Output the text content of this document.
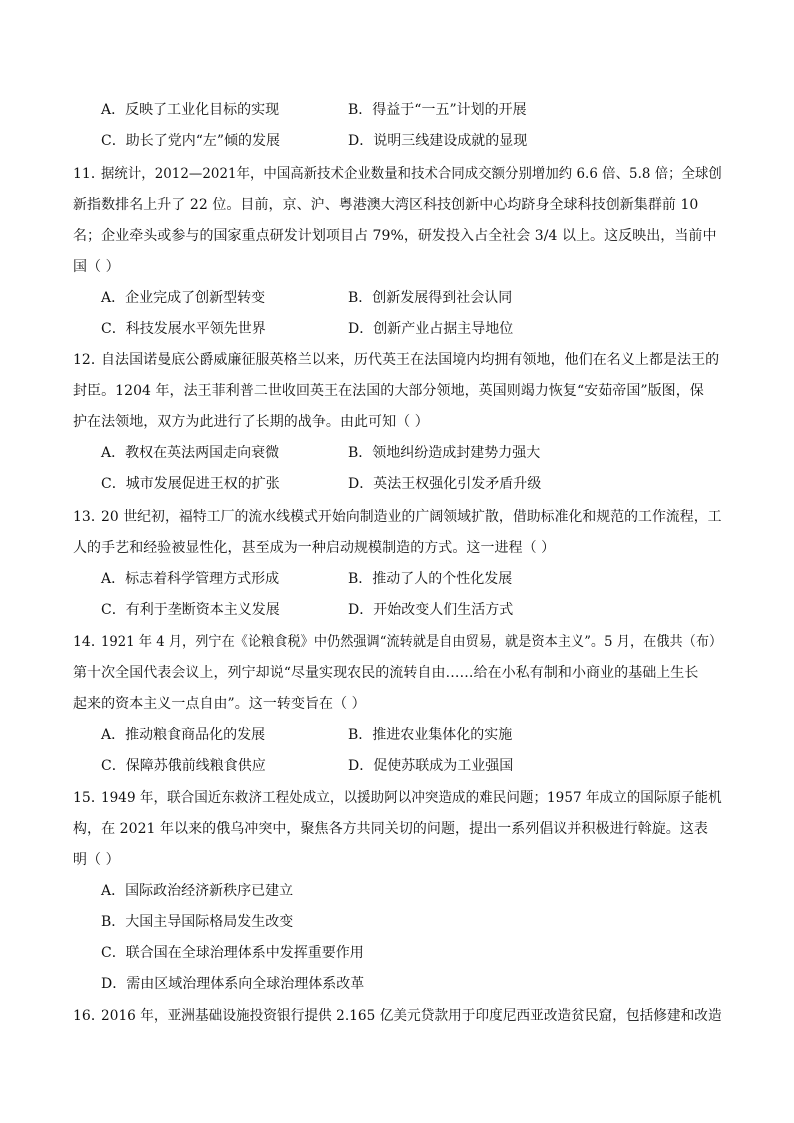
A．反映了工业化目标的实现	B．得益于“一五”计划的开展
C．助长了党内“左”倾的发展	D．说明三线建设成就的显现
11．
据统计，2012—2021年，中国高新技术企业数量和技术合同成交额分别增加约 6.6 倍、5.8 倍；全球创
新指数排名上升了 22 位。目前，京、沪、粤港澳大湾区科技创新中心均跻身全球科技创新集群前 10
名；企业牵头或参与的国家重点研发计划项目占 79%，研发投入占全社会 3/4 以上。这反映出，当前中
国（ ）
A．企业完成了创新型转变	B．创新发展得到社会认同
C．科技发展水平领先世界	D．创新产业占据主导地位
12．
自法国诺曼底公爵威廉征服英格兰以来，历代英王在法国境内均拥有领地，他们在名义上都是法王的
封臣。1204 年，法王菲利普二世收回英王在法国的大部分领地，英国则竭力恢复“安茹帝国”版图，保
护在法领地，双方为此进行了长期的战争。由此可知（ ）
A．教权在英法两国走向衰微	B．领地纠纷造成封建势力强大
C．城市发展促进王权的扩张	D．英法王权强化引发矛盾升级
13．
20 世纪初，福特工厂的流水线模式开始向制造业的广阔领域扩散，借助标准化和规范的工作流程，工
人的手艺和经验被显性化，甚至成为一种启动规模制造的方式。这一进程（ ）
A．标志着科学管理方式形成	B．推动了人的个性化发展
C．有利于垄断资本主义发展	D．开始改变人们生活方式
14．
1921 年 4 月，列宁在《论粮食税》中仍然强调“流转就是自由贸易，就是资本主义”。5 月，在俄共（布）
第十次全国代表会议上，列宁却说“尽量实现农民的流转自由……给在小私有制和小商业的基础上生长
起来的资本主义一点自由”。这一转变旨在（ ）
A．推动粮食商品化的发展	B．推进农业集体化的实施
C．保障苏俄前线粮食供应	D．促使苏联成为工业强国
15．
1949 年，联合国近东救济工程处成立，以援助阿以冲突造成的难民问题；1957 年成立的国际原子能机
构，在 2021 年以来的俄乌冲突中，聚焦各方共同关切的问题，提出一系列倡议并积极进行斡旋。这表
明（ ）
A．国际政治经济新秩序已建立
B．大国主导国际格局发生改变
C．联合国在全球治理体系中发挥重要作用
D．需由区域治理体系向全球治理体系改革
16．
2016 年，亚洲基础设施投资银行提供 2.165 亿美元贷款用于印度尼西亚改造贫民窟，包括修建和改造
